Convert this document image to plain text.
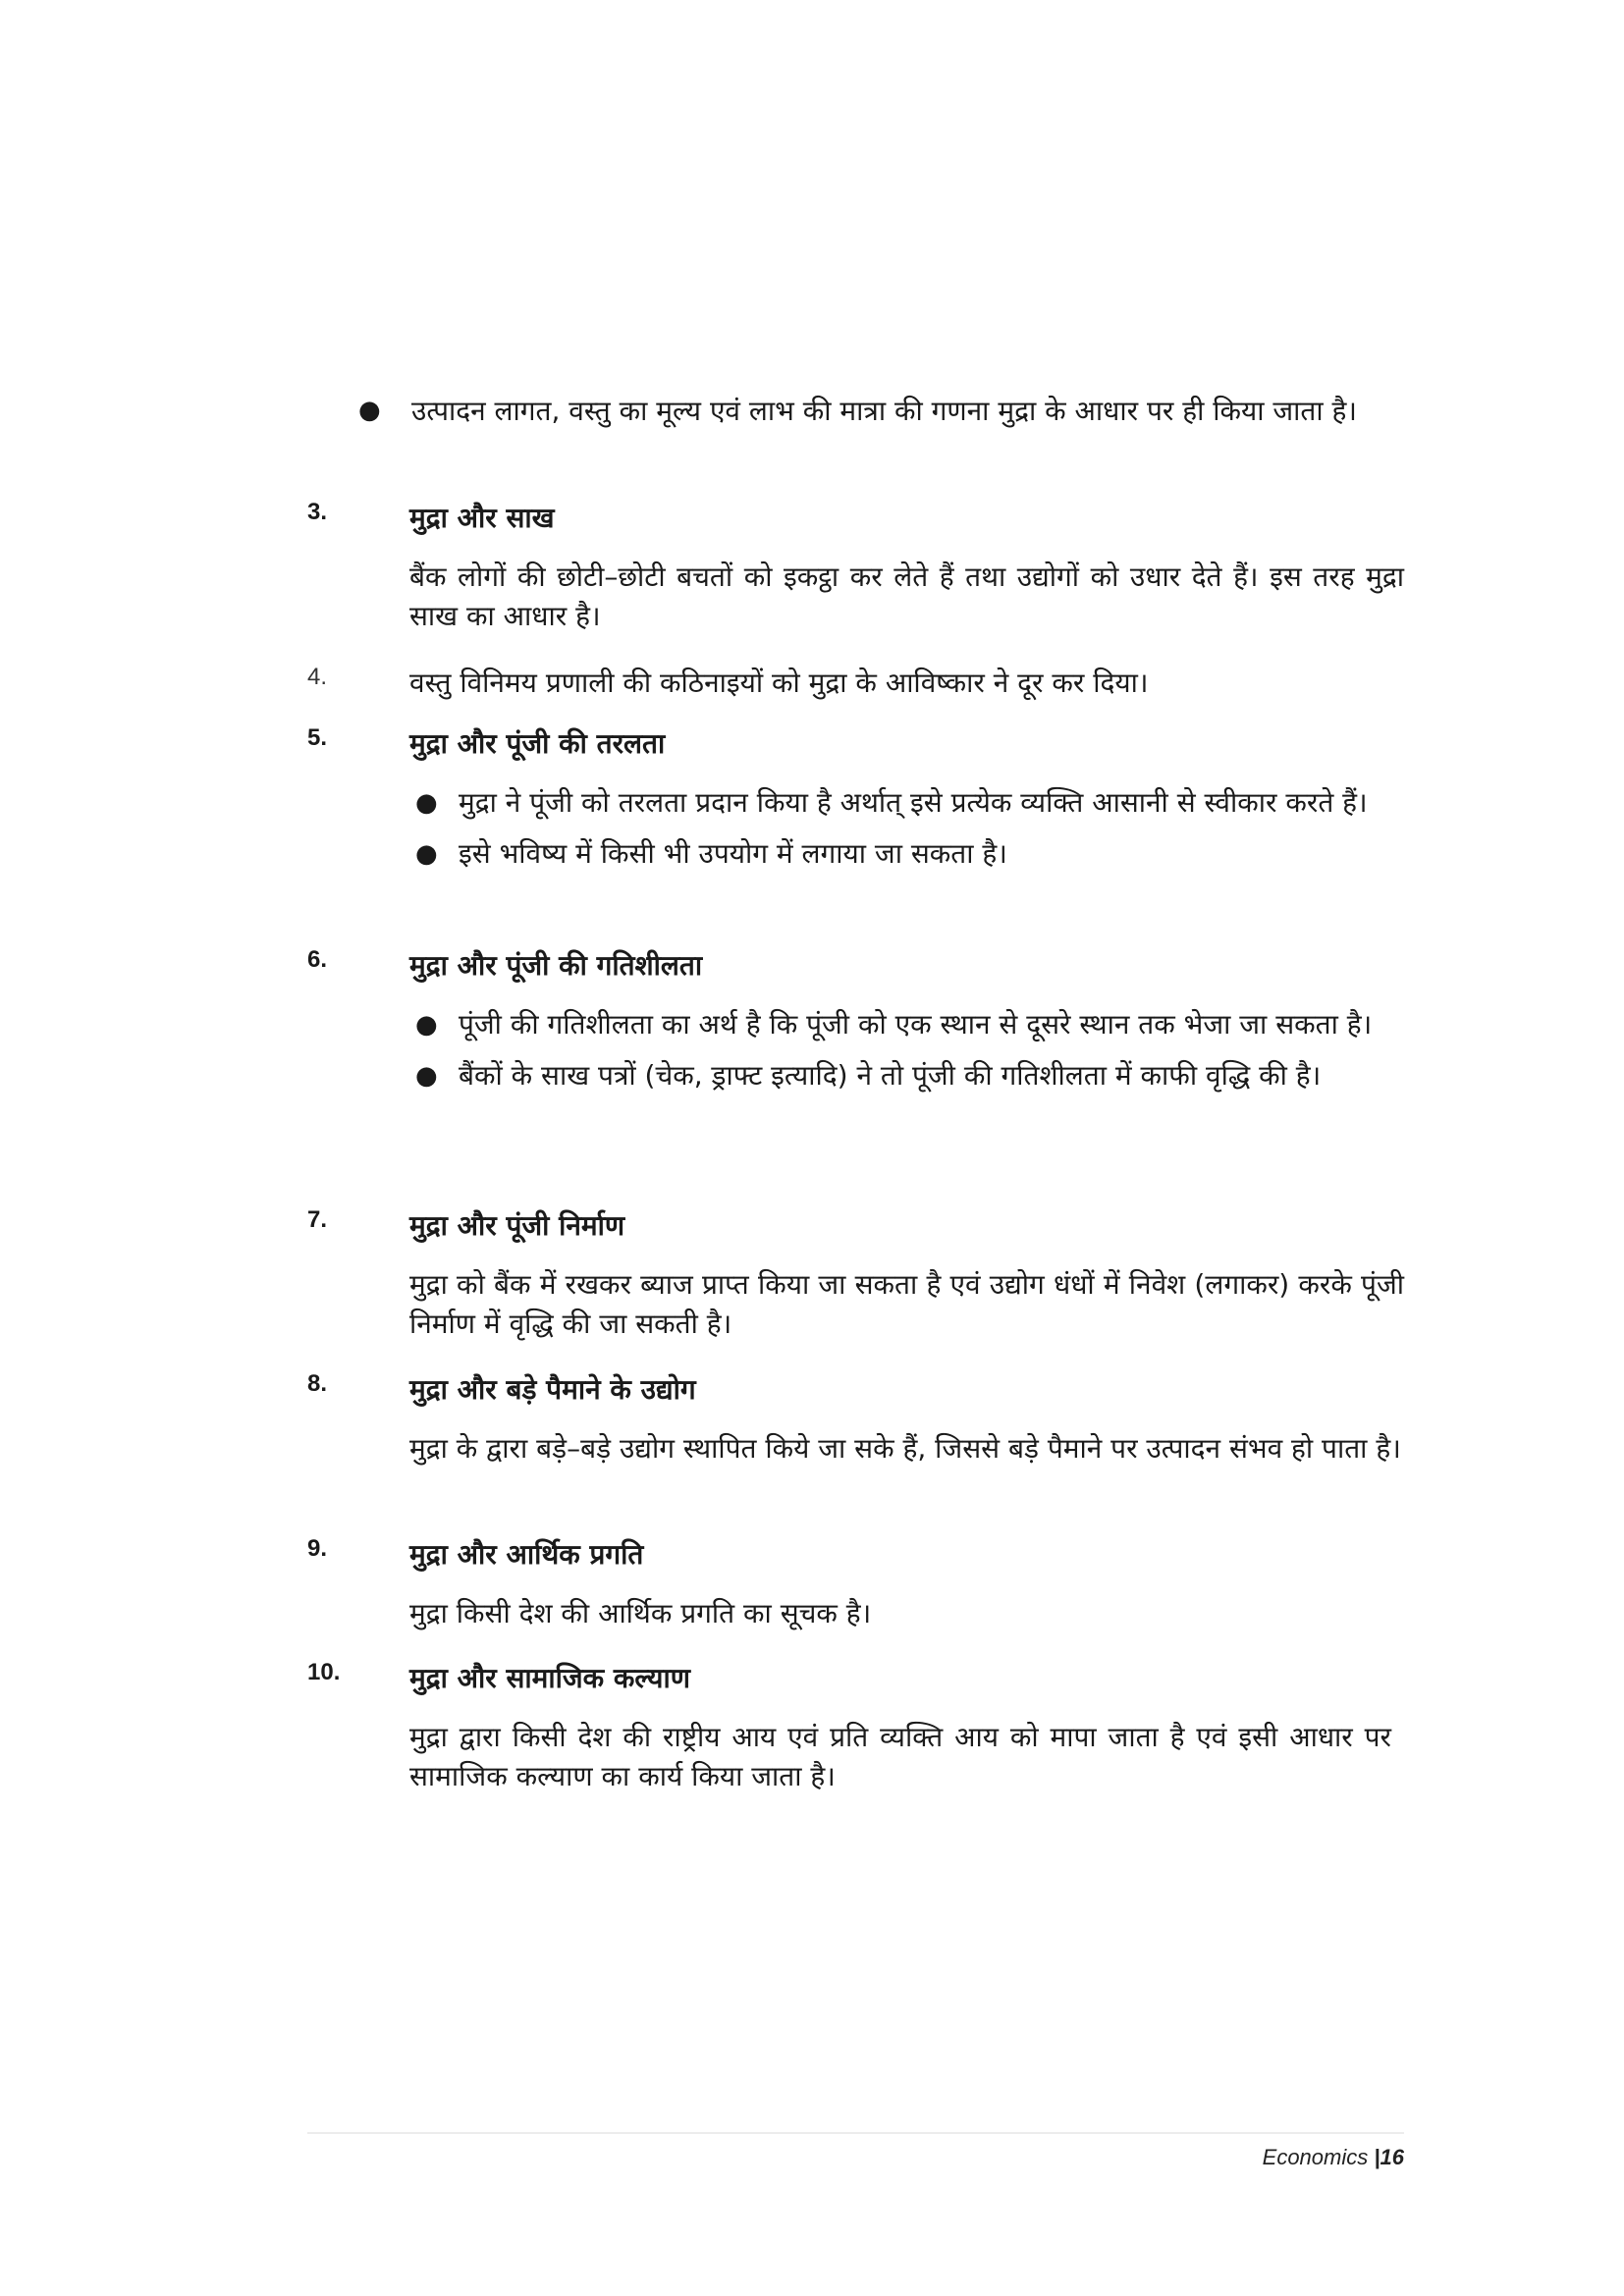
● उत्पादन लागत, वस्तु का मूल्य एवं लाभ की मात्रा की गणना मुद्रा के आधार पर ही किया जाता है।
3.	मुद्रा और साख
बैंक लोगों की छोटी–छोटी बचतों को इकट्ठा कर लेते हैं तथा उद्योगों को उधार देते हैं। इस तरह मुद्रा साख का आधार है।
4.	वस्तु विनिमय प्रणाली की कठिनाइयों को मुद्रा के आविष्कार ने दूर कर दिया।
5.	मुद्रा और पूंजी की तरलता
● मुद्रा ने पूंजी को तरलता प्रदान किया है अर्थात् इसे प्रत्येक व्यक्ति आसानी से स्वीकार करते हैं।
● इसे भविष्य में किसी भी उपयोग में लगाया जा सकता है।
6.	मुद्रा और पूंजी की गतिशीलता
● पूंजी की गतिशीलता का अर्थ है कि पूंजी को एक स्थान से दूसरे स्थान तक भेजा जा सकता है।
● बैंकों के साख पत्रों (चेक, ड्राफ्ट इत्यादि) ने तो पूंजी की गतिशीलता में काफी वृद्धि की है।
7.	मुद्रा और पूंजी निर्माण
मुद्रा को बैंक में रखकर ब्याज प्राप्त किया जा सकता है एवं उद्योग धंधों में निवेश (लगाकर) करके पूंजी निर्माण में वृद्धि की जा सकती है।
8.	मुद्रा और बड़े पैमाने के उद्योग
मुद्रा के द्वारा बड़े–बड़े उद्योग स्थापित किये जा सके हैं, जिससे बड़े पैमाने पर उत्पादन संभव हो पाता है।
9.	मुद्रा और आर्थिक प्रगति
मुद्रा किसी देश की आर्थिक प्रगति का सूचक है।
10.	मुद्रा और सामाजिक कल्याण
मुद्रा द्वारा किसी देश की राष्ट्रीय आय एवं प्रति व्यक्ति आय को मापा जाता है एवं इसी आधार पर सामाजिक कल्याण का कार्य किया जाता है।
Economics |16
